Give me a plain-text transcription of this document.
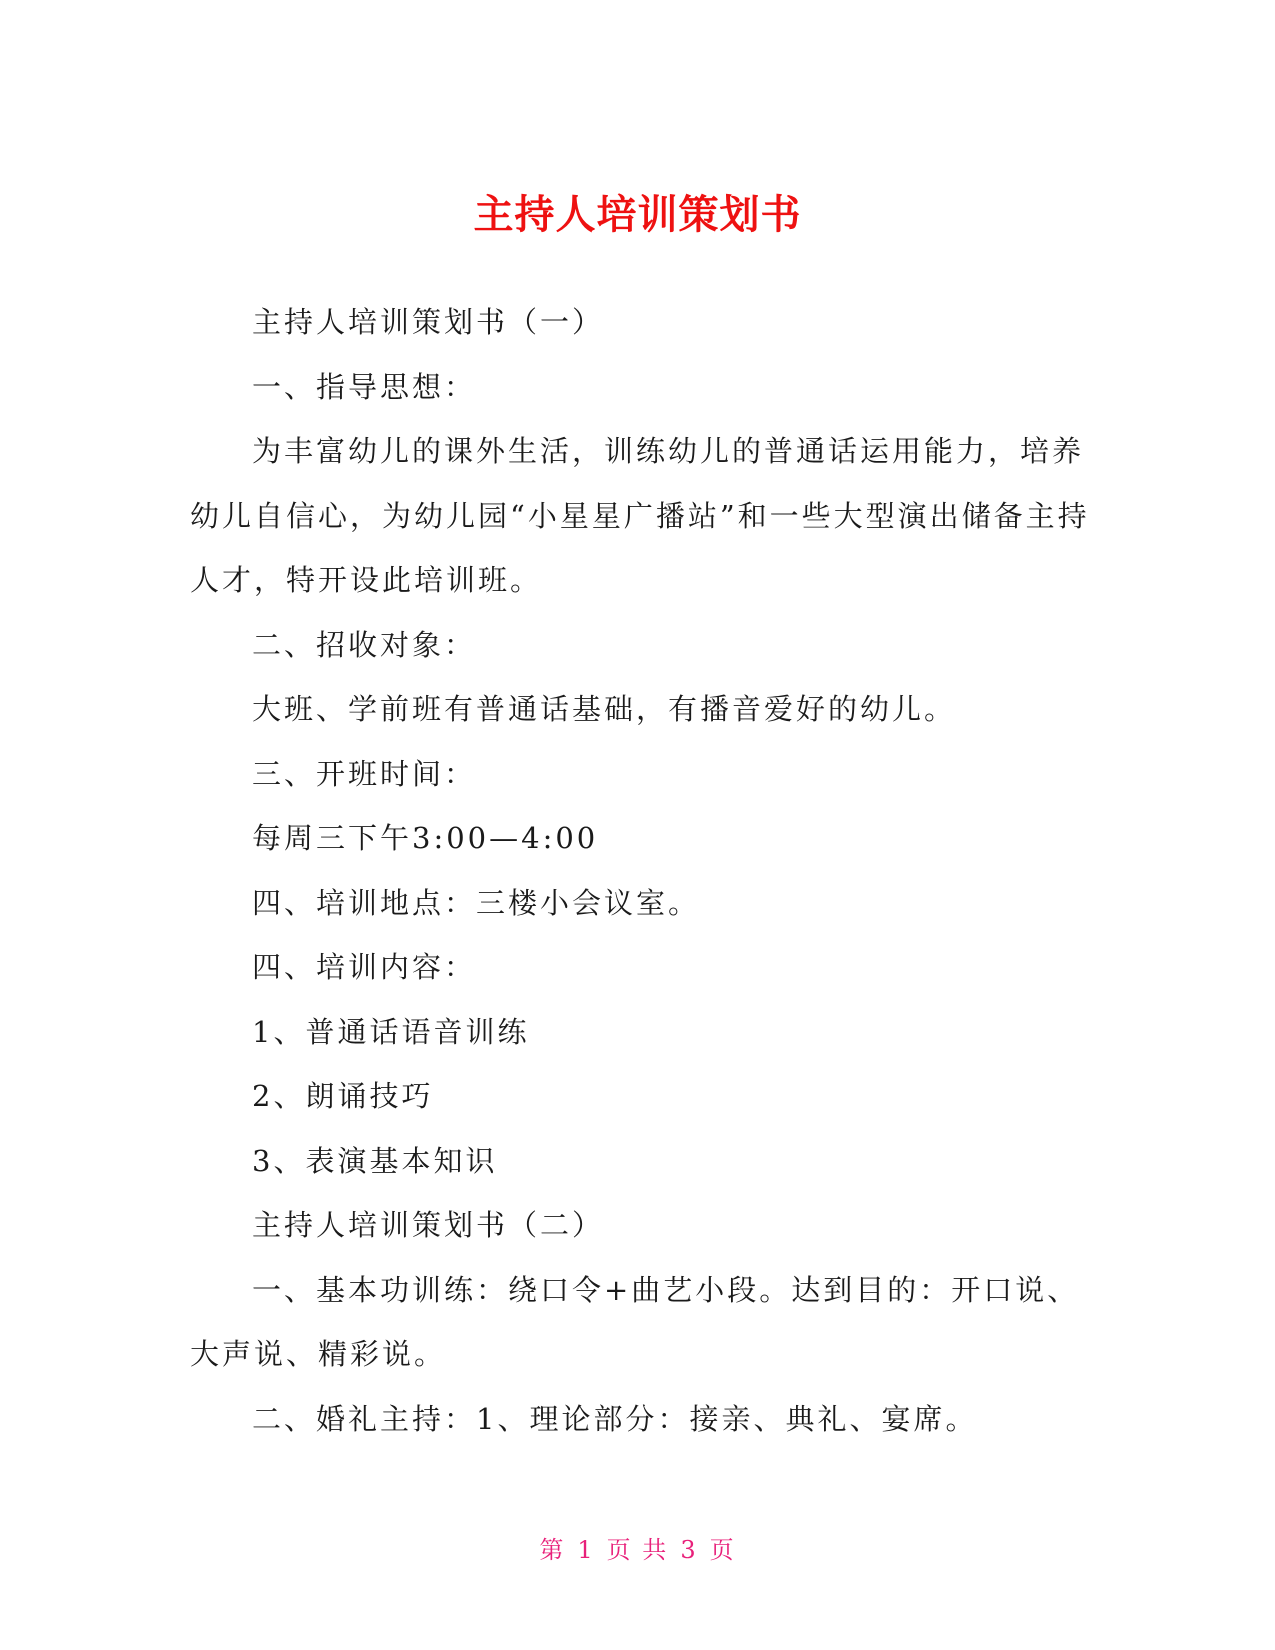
主持人培训策划书

主持人培训策划书（一）

一、指导思想：

为丰富幼儿的课外生活，训练幼儿的普通话运用能力，培养幼儿自信心，为幼儿园“小星星广播站”和一些大型演出储备主持人才，特开设此培训班。

二、招收对象：

大班、学前班有普通话基础，有播音爱好的幼儿。

三、开班时间：

每周三下午3:00—4:00

四、培训地点：三楼小会议室。

四、培训内容：

1、普通话语音训练

2、朗诵技巧

3、表演基本知识

主持人培训策划书（二）

一、基本功训练：绕口令+曲艺小段。达到目的：开口说、大声说、精彩说。

二、婚礼主持：1、理论部分：接亲、典礼、宴席。

第 1 页 共 3 页
